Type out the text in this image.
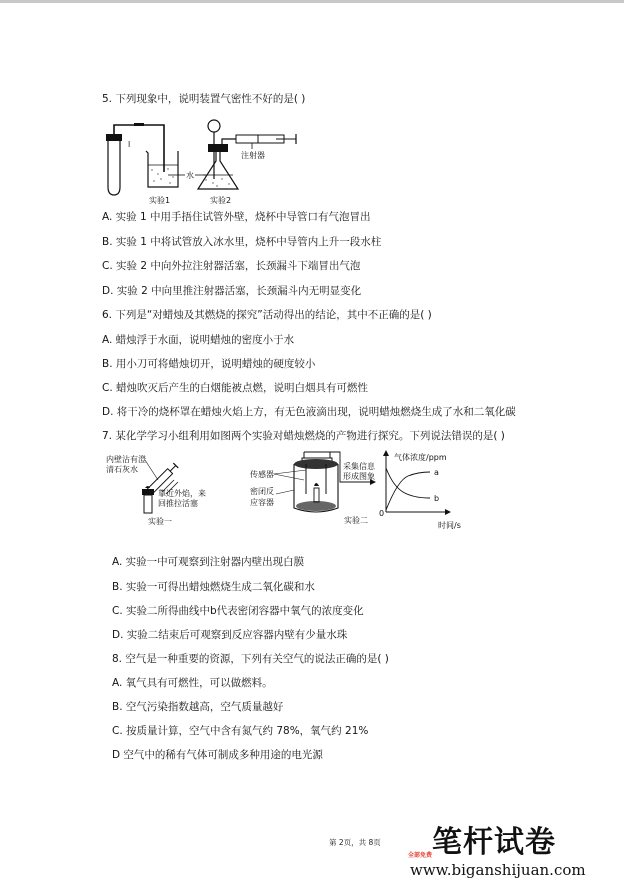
5. 下列现象中，说明装置气密性不好的是( )
l
实验1
水
注射器
实验2
A. 实验 1 中用手捂住试管外壁，烧杯中导管口有气泡冒出
B. 实验 1 中将试管放入冰水里，烧杯中导管内上升一段水柱
C. 实验 2 中向外拉注射器活塞，长颈漏斗下端冒出气泡
D. 实验 2 中向里推注射器活塞，长颈漏斗内无明显变化
6. 下列是“对蜡烛及其燃烧的探究”活动得出的结论，其中不正确的是( )
A. 蜡烛浮于水面，说明蜡烛的密度小于水
B. 用小刀可将蜡烛切开，说明蜡烛的硬度较小
C. 蜡烛吹灭后产生的白烟能被点燃，说明白烟具有可燃性
D. 将干冷的烧杯罩在蜡烛火焰上方，有无色液滴出现，说明蜡烛燃烧生成了水和二氧化碳
7. 某化学学习小组利用如图两个实验对蜡烛燃烧的产物进行探究。下列说法错误的是( )
内壁沾有澄
清石灰水
靠近外焰，来
回推拉活塞
实验一
传感器
密闭反
应容器
采集信息
形成图象
实验二
气体浓度/ppm
a
b
0
时间/s
A. 实验一中可观察到注射器内壁出现白膜
B. 实验一可得出蜡烛燃烧生成二氧化碳和水
C. 实验二所得曲线中b代表密闭容器中氧气的浓度变化
D. 实验二结束后可观察到反应容器内壁有少量水珠
8. 空气是一种重要的资源，下列有关空气的说法正确的是( )
A. 氧气具有可燃性，可以做燃料。
B. 空气污染指数越高，空气质量越好
C. 按质量计算，空气中含有氮气约 78%，氧气约 21%
D 空气中的稀有气体可制成多种用途的电光源
第 2页，共 8页 笔杆试卷
全部免费
www.biganshijuan.com
